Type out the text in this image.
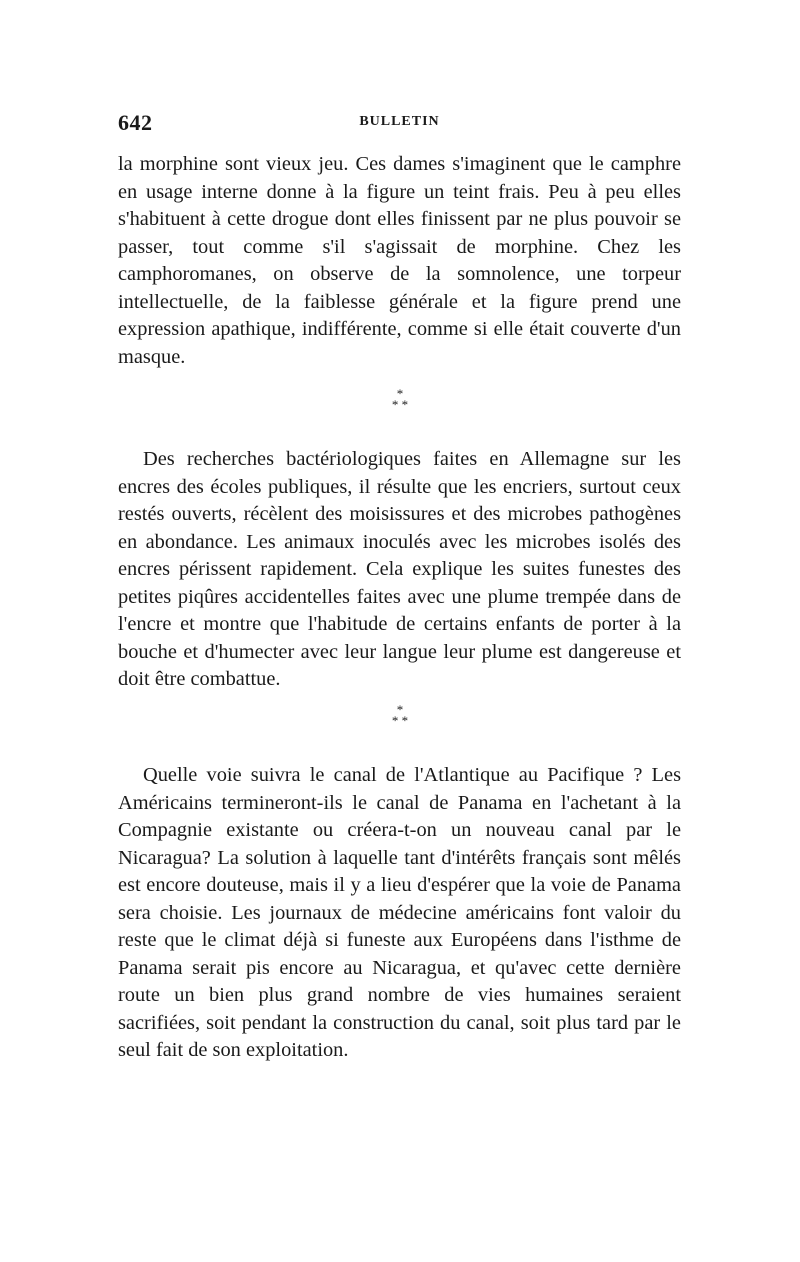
642	BULLETIN

la morphine sont vieux jeu. Ces dames s'imaginent que le camphre en usage interne donne à la figure un teint frais. Peu à peu elles s'habituent à cette drogue dont elles finissent par ne plus pouvoir se passer, tout comme s'il s'agissait de morphine. Chez les camphoromanes, on observe de la somnolence, une torpeur intellectuelle, de la faiblesse générale et la figure prend une expression apathique, indifférente, comme si elle était couverte d'un masque.

*
* *

Des recherches bactériologiques faites en Allemagne sur les encres des écoles publiques, il résulte que les encriers, surtout ceux restés ouverts, récèlent des moisissures et des microbes pathogènes en abondance. Les animaux inoculés avec les microbes isolés des encres périssent rapidement. Cela explique les suites funestes des petites piqûres accidentelles faites avec une plume trempée dans de l'encre et montre que l'habitude de certains enfants de porter à la bouche et d'humecter avec leur langue leur plume est dangereuse et doit être combattue.

*
* *

Quelle voie suivra le canal de l'Atlantique au Pacifique ? Les Américains termineront-ils le canal de Panama en l'achetant à la Compagnie existante ou créera-t-on un nouveau canal par le Nicaragua? La solution à laquelle tant d'intérêts français sont mêlés est encore douteuse, mais il y a lieu d'espérer que la voie de Panama sera choisie. Les journaux de médecine américains font valoir du reste que le climat déjà si funeste aux Européens dans l'isthme de Panama serait pis encore au Nicaragua, et qu'avec cette dernière route un bien plus grand nombre de vies humaines seraient sacrifiées, soit pendant la construction du canal, soit plus tard par le seul fait de son exploitation.
